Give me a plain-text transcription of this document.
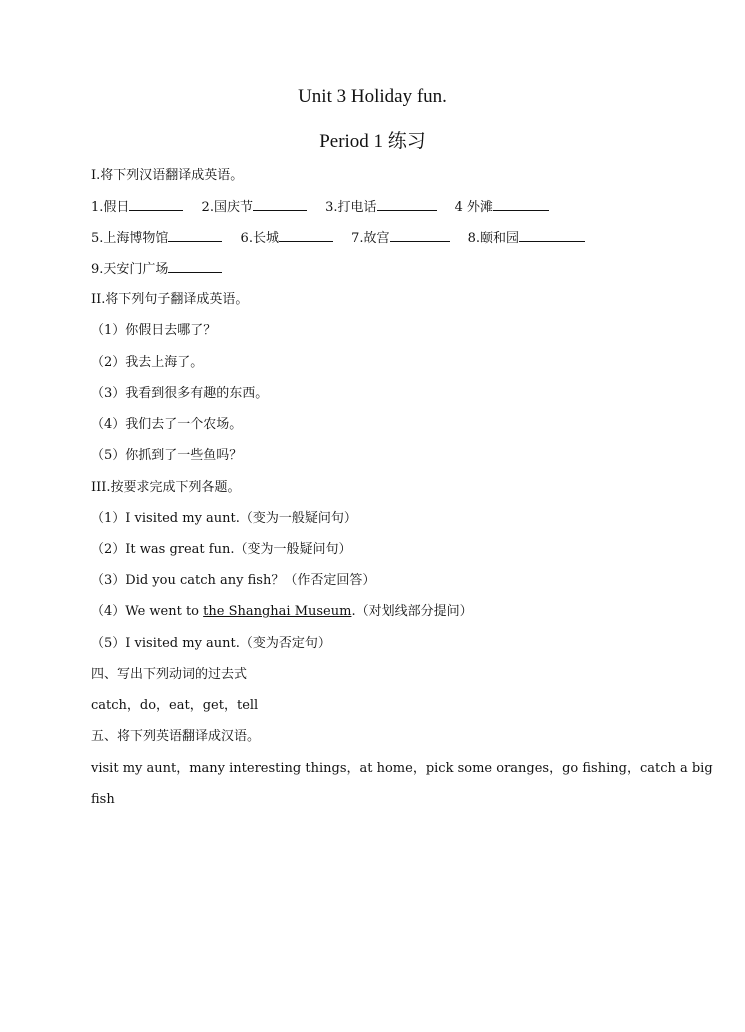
Unit 3 Holiday fun.
Period 1 练习
I.将下列汉语翻译成英语。
1.假日	2.国庆节	3.打电话	4 外滩
5.上海博物馆	6.长城	7.故宫	8.颐和园
9.天安门广场
II.将下列句子翻译成英语。
（1）你假日去哪了？
（2）我去上海了。
（3）我看到很多有趣的东西。
（4）我们去了一个农场。
（5）你抓到了一些鱼吗？
III.按要求完成下列各题。
（1）I visited my aunt.（变为一般疑问句）
（2）It was great fun.（变为一般疑问句）
（3）Did you catch any fish？（作否定回答）
（4）We went to the Shanghai Museum.（对划线部分提问）
（5）I visited my aunt.（变为否定句）
四、写出下列动词的过去式
catch，do，eat，get，tell
五、将下列英语翻译成汉语。
visit my aunt，many interesting things，at home，pick some oranges，go fishing，catch a big
fish
